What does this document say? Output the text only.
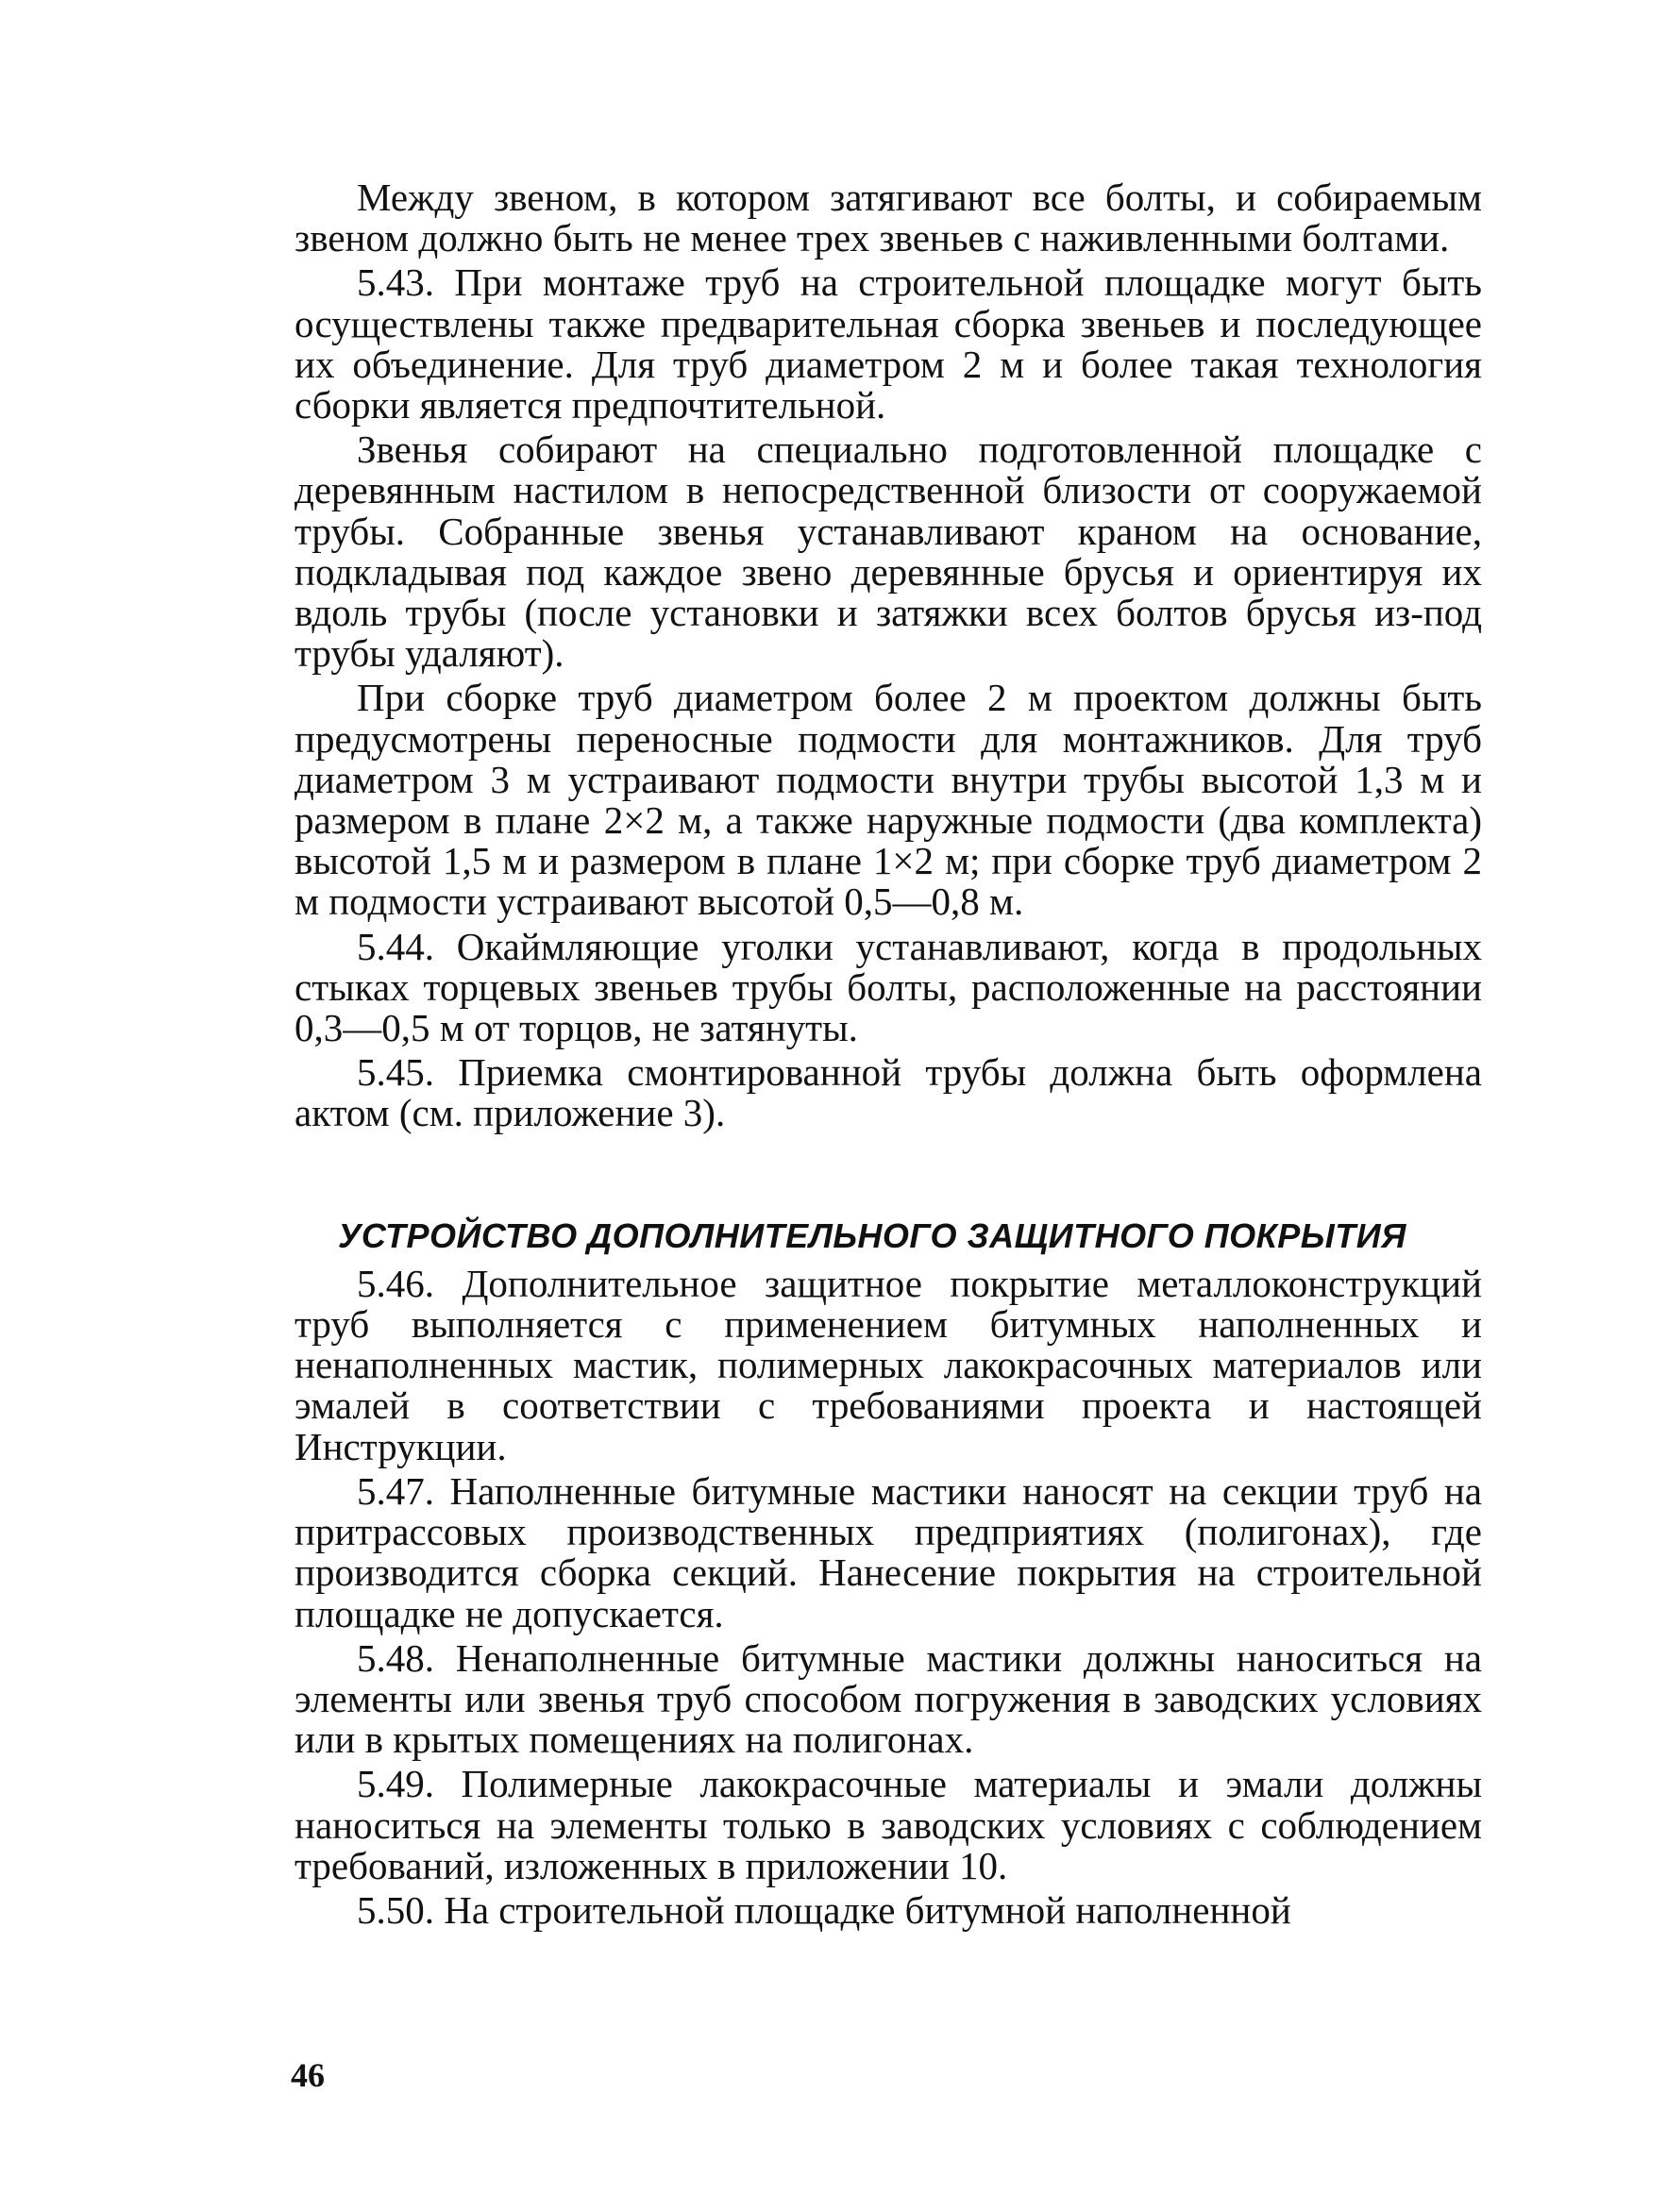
Между звеном, в котором затягивают все болты, и собираемым звеном должно быть не менее трех звеньев с наживленными болтами.

5.43. При монтаже труб на строительной площадке могут быть осуществлены также предварительная сборка звеньев и последующее их объединение. Для труб диаметром 2 м и более такая технология сборки является предпочтительной.

Звенья собирают на специально подготовленной площадке с деревянным настилом в непосредственной близости от сооружаемой трубы. Собранные звенья устанавливают краном на основание, подкладывая под каждое звено деревянные брусья и ориентируя их вдоль трубы (после установки и затяжки всех болтов брусья из-под трубы удаляют).

При сборке труб диаметром более 2 м проектом должны быть предусмотрены переносные подмости для монтажников. Для труб диаметром 3 м устраивают подмости внутри трубы высотой 1,3 м и размером в плане 2×2 м, а также наружные подмости (два комплекта) высотой 1,5 м и размером в плане 1×2 м; при сборке труб диаметром 2 м подмости устраивают высотой 0,5—0,8 м.

5.44. Окаймляющие уголки устанавливают, когда в продольных стыках торцевых звеньев трубы болты, расположенные на расстоянии 0,3—0,5 м от торцов, не затянуты.

5.45. Приемка смонтированной трубы должна быть оформлена актом (см. приложение 3).

УСТРОЙСТВО ДОПОЛНИТЕЛЬНОГО ЗАЩИТНОГО ПОКРЫТИЯ

5.46. Дополнительное защитное покрытие металлоконструкций труб выполняется с применением битумных наполненных и ненаполненных мастик, полимерных лакокрасочных материалов или эмалей в соответствии с требованиями проекта и настоящей Инструкции.

5.47. Наполненные битумные мастики наносят на секции труб на притрассовых производственных предприятиях (полигонах), где производится сборка секций. Нанесение покрытия на строительной площадке не допускается.

5.48. Ненаполненные битумные мастики должны наноситься на элементы или звенья труб способом погружения в заводских условиях или в крытых помещениях на полигонах.

5.49. Полимерные лакокрасочные материалы и эмали должны наноситься на элементы только в заводских условиях с соблюдением требований, изложенных в приложении 10.

5.50. На строительной площадке битумной наполненной

46
